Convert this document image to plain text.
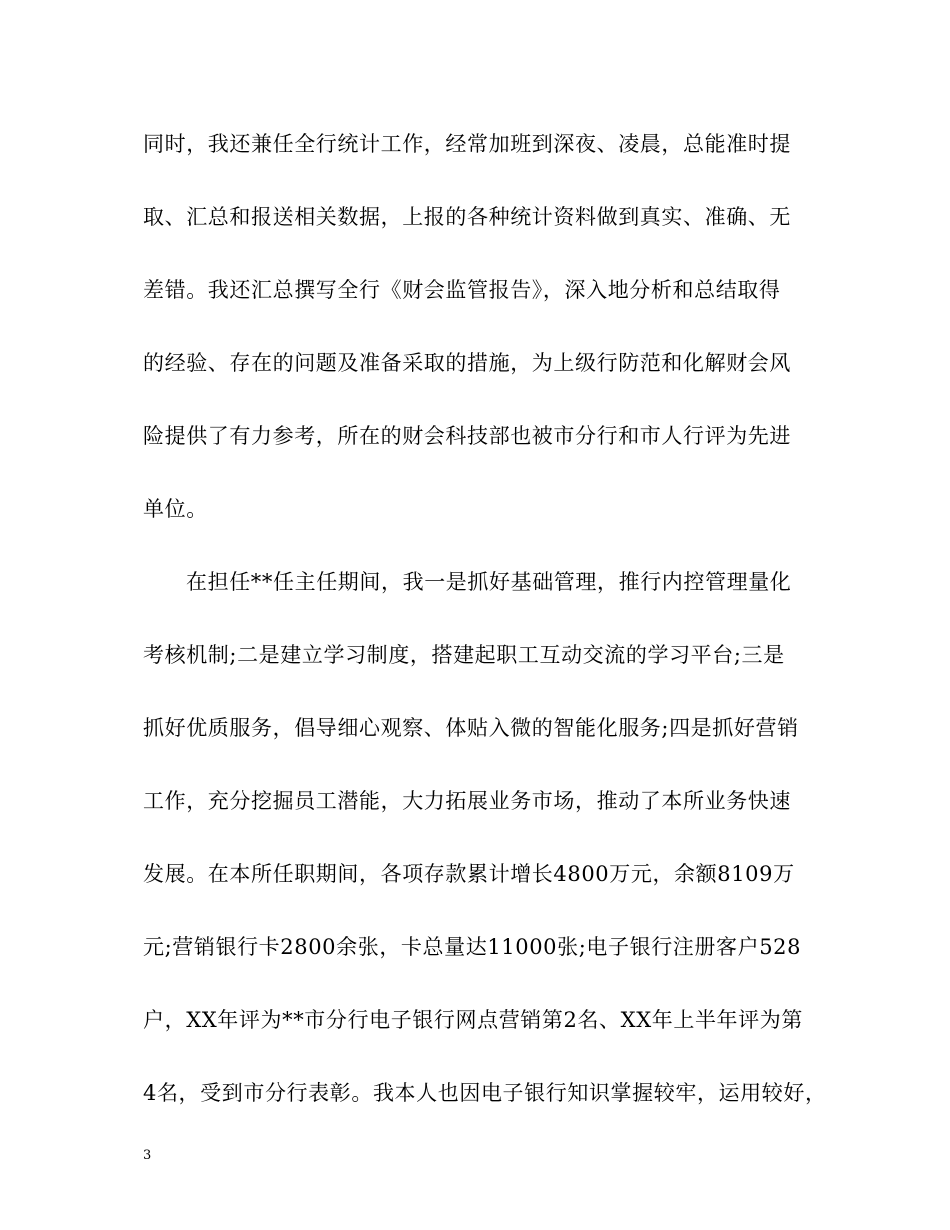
同时，我还兼任全行统计工作，经常加班到深夜、凌晨，总能准时提
取、汇总和报送相关数据，上报的各种统计资料做到真实、准确、无
差错。我还汇总撰写全行《财会监管报告》，深入地分析和总结取得
的经验、存在的问题及准备采取的措施，为上级行防范和化解财会风
险提供了有力参考，所在的财会科技部也被市分行和市人行评为先进
单位。
在担任**任主任期间，我一是抓好基础管理，推行内控管理量化
考核机制;二是建立学习制度，搭建起职工互动交流的学习平台;三是
抓好优质服务，倡导细心观察、体贴入微的智能化服务;四是抓好营销
工作，充分挖掘员工潜能，大力拓展业务市场，推动了本所业务快速
发展。在本所任职期间，各项存款累计增长4800万元，余额8109万
元;营销银行卡2800余张，卡总量达11000张;电子银行注册客户528
户，XX年评为**市分行电子银行网点营销第2名、XX年上半年评为第
4名，受到市分行表彰。我本人也因电子银行知识掌握较牢，运用较好，
3
